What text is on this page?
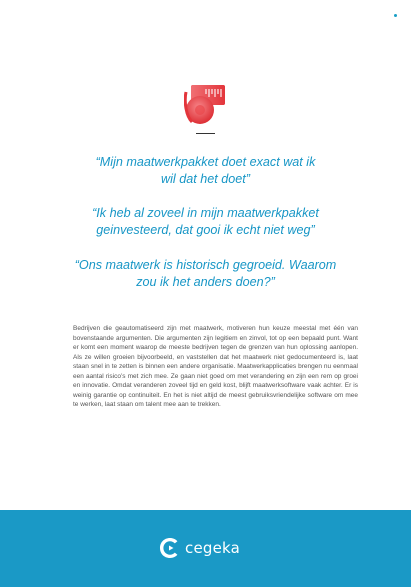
“Mijn maatwerkpakket doet exact wat ik
wil dat het doet”

“Ik heb al zoveel in mijn maatwerkpakket
geinvesteerd, dat gooi ik echt niet weg”

“Ons maatwerk is historisch gegroeid. Waarom
zou ik het anders doen?”

Bedrijven die geautomatiseerd zijn met maatwerk, motiveren hun keuze meestal met één van bovenstaande argumenten. Die argumenten zijn legitiem en zinvol, tot op een bepaald punt. Want er komt een moment waarop de meeste bedrijven tegen de grenzen van hun oplossing aanlopen. Als ze willen groeien bijvoorbeeld, en vaststellen dat het maatwerk niet gedocumenteerd is, laat staan snel in te zetten is binnen een andere organisatie. Maatwerkapplicaties brengen nu eenmaal een aantal risico’s met zich mee. Ze gaan niet goed om met verandering en zijn een rem op groei en innovatie. Omdat veranderen zoveel tijd en geld kost, blijft maatwerksoftware vaak achter. Er is weinig garantie op continuiteit. En het is niet altijd de meest gebruiksvriendelijke software om mee te werken, laat staan om talent mee aan te trekken.

cegeka
